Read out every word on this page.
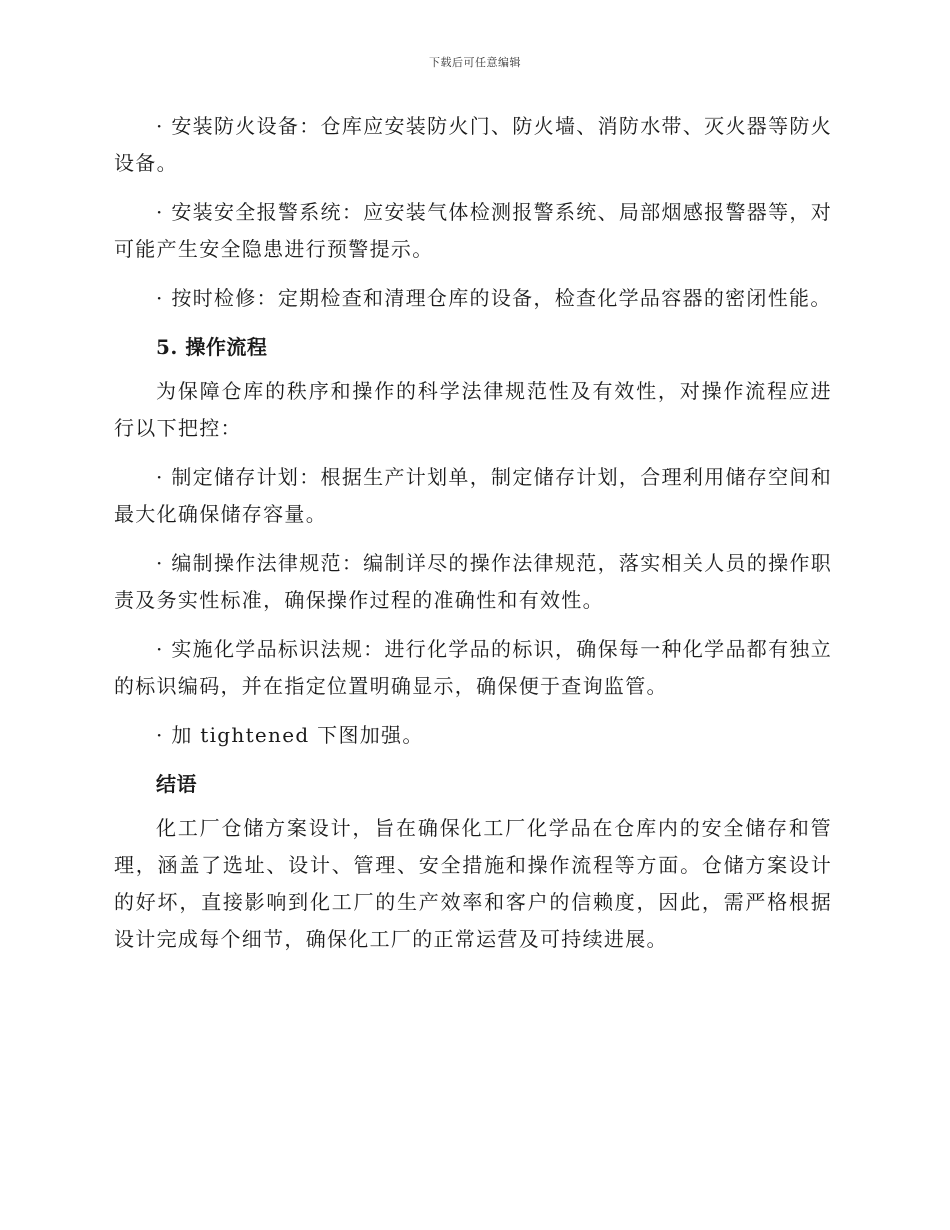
下载后可任意编辑

· 安装防火设备：仓库应安装防火门、防火墙、消防水带、灭火器等防火设备。

· 安装安全报警系统：应安装气体检测报警系统、局部烟感报警器等，对可能产生安全隐患进行预警提示。

· 按时检修：定期检查和清理仓库的设备，检查化学品容器的密闭性能。

5. 操作流程

为保障仓库的秩序和操作的科学法律规范性及有效性，对操作流程应进行以下把控：

· 制定储存计划：根据生产计划单，制定储存计划，合理利用储存空间和最大化确保储存容量。

· 编制操作法律规范：编制详尽的操作法律规范，落实相关人员的操作职责及务实性标准，确保操作过程的准确性和有效性。

· 实施化学品标识法规：进行化学品的标识，确保每一种化学品都有独立的标识编码，并在指定位置明确显示，确保便于查询监管。

· 加 tightened 下图加强。

结语

化工厂仓储方案设计，旨在确保化工厂化学品在仓库内的安全储存和管理，涵盖了选址、设计、管理、安全措施和操作流程等方面。仓储方案设计的好坏，直接影响到化工厂的生产效率和客户的信赖度，因此，需严格根据设计完成每个细节，确保化工厂的正常运营及可持续进展。
